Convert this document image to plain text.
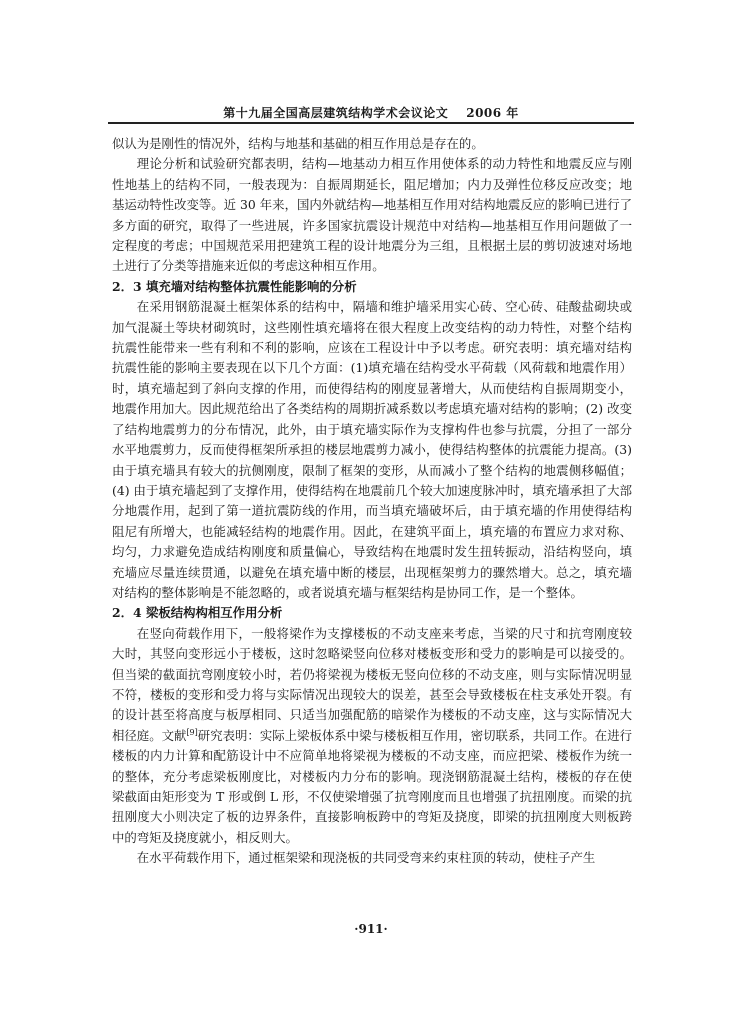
第十九届全国高层建筑结构学术会议论文 2006 年

似认为是刚性的情况外，结构与地基和基础的相互作用总是存在的。

理论分析和试验研究都表明，结构—地基动力相互作用使体系的动力特性和地震反应与刚性地基上的结构不同，一般表现为：自振周期延长，阻尼增加；内力及弹性位移反应改变；地基运动特性改变等。近 30 年来，国内外就结构—地基相互作用对结构地震反应的影响已进行了多方面的研究，取得了一些进展，许多国家抗震设计规范中对结构—地基相互作用问题做了一定程度的考虑；中国规范采用把建筑工程的设计地震分为三组，且根据土层的剪切波速对场地土进行了分类等措施来近似的考虑这种相互作用。

2．3 填充墙对结构整体抗震性能影响的分析

在采用钢筋混凝土框架体系的结构中，隔墙和维护墙采用实心砖、空心砖、硅酸盐砌块或加气混凝土等块材砌筑时，这些刚性填充墙将在很大程度上改变结构的动力特性，对整个结构抗震性能带来一些有利和不利的影响，应该在工程设计中予以考虑。研究表明：填充墙对结构抗震性能的影响主要表现在以下几个方面：(1)填充墙在结构受水平荷载（风荷载和地震作用）时，填充墙起到了斜向支撑的作用，而使得结构的刚度显著增大，从而使结构自振周期变小，地震作用加大。因此规范给出了各类结构的周期折减系数以考虑填充墙对结构的影响；(2) 改变了结构地震剪力的分布情况，此外，由于填充墙实际作为支撑构件也参与抗震，分担了一部分水平地震剪力，反而使得框架所承担的楼层地震剪力减小，使得结构整体的抗震能力提高。(3) 由于填充墙具有较大的抗侧刚度，限制了框架的变形，从而减小了整个结构的地震侧移幅值；(4) 由于填充墙起到了支撑作用，使得结构在地震前几个较大加速度脉冲时，填充墙承担了大部分地震作用，起到了第一道抗震防线的作用，而当填充墙破坏后，由于填充墙的作用使得结构阻尼有所增大，也能减轻结构的地震作用。因此，在建筑平面上，填充墙的布置应力求对称、均匀，力求避免造成结构刚度和质量偏心，导致结构在地震时发生扭转振动，沿结构竖向，填充墙应尽量连续贯通，以避免在填充墙中断的楼层，出现框架剪力的骤然增大。总之，填充墙对结构的整体影响是不能忽略的，或者说填充墙与框架结构是协同工作，是一个整体。

2．4 梁板结构构相互作用分析

在竖向荷载作用下，一般将梁作为支撑楼板的不动支座来考虑，当梁的尺寸和抗弯刚度较大时，其竖向变形远小于楼板，这时忽略梁竖向位移对楼板变形和受力的影响是可以接受的。但当梁的截面抗弯刚度较小时，若仍将梁视为楼板无竖向位移的不动支座，则与实际情况明显不符，楼板的变形和受力将与实际情况出现较大的误差，甚至会导致楼板在柱支承处开裂。有的设计甚至将高度与板厚相同、只适当加强配筋的暗梁作为楼板的不动支座，这与实际情况大相径庭。文献[9]研究表明：实际上梁板体系中梁与楼板相互作用，密切联系，共同工作。在进行楼板的内力计算和配筋设计中不应简单地将梁视为楼板的不动支座，而应把梁、楼板作为统一的整体，充分考虑梁板刚度比，对楼板内力分布的影响。现浇钢筋混凝土结构，楼板的存在使梁截面由矩形变为 T 形或倒 L 形，不仅使梁增强了抗弯刚度而且也增强了抗扭刚度。而梁的抗扭刚度大小则决定了板的边界条件，直接影响板跨中的弯矩及挠度，即梁的抗扭刚度大则板跨中的弯矩及挠度就小，相反则大。

在水平荷载作用下，通过框架梁和现浇板的共同受弯来约束柱顶的转动，使柱子产生

·911·
